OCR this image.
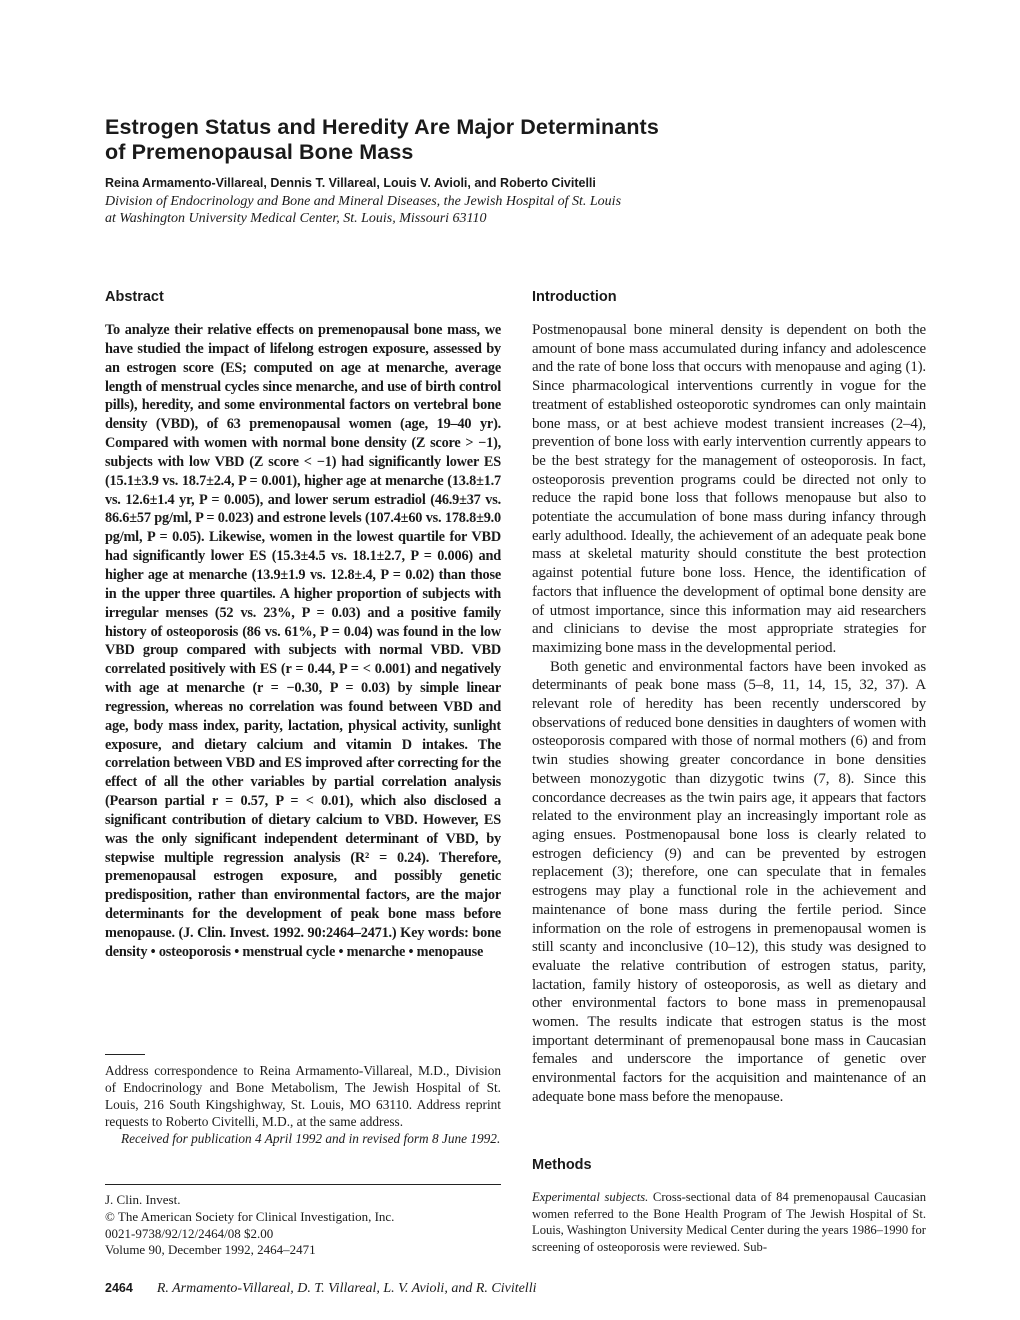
Estrogen Status and Heredity Are Major Determinants
of Premenopausal Bone Mass
Reina Armamento-Villareal, Dennis T. Villareal, Louis V. Avioli, and Roberto Civitelli
Division of Endocrinology and Bone and Mineral Diseases, the Jewish Hospital of St. Louis
at Washington University Medical Center, St. Louis, Missouri 63110
Abstract

To analyze their relative effects on premenopausal bone mass, we have studied the impact of lifelong estrogen exposure, assessed by an estrogen score (ES; computed on age at menarche, average length of menstrual cycles since menarche, and use of birth control pills), heredity, and some environmental factors on vertebral bone density (VBD), of 63 premenopausal women (age, 19–40 yr). Compared with women with normal bone density (Z score > −1), subjects with low VBD (Z score < −1) had significantly lower ES (15.1±3.9 vs. 18.7±2.4, P = 0.001), higher age at menarche (13.8±1.7 vs. 12.6±1.4 yr, P = 0.005), and lower serum estradiol (46.9±37 vs. 86.6±57 pg/ml, P = 0.023) and estrone levels (107.4±60 vs. 178.8±9.0 pg/ml, P = 0.05). Likewise, women in the lowest quartile for VBD had significantly lower ES (15.3±4.5 vs. 18.1±2.7, P = 0.006) and higher age at menarche (13.9±1.9 vs. 12.8±.4, P = 0.02) than those in the upper three quartiles. A higher proportion of subjects with irregular menses (52 vs. 23%, P = 0.03) and a positive family history of osteoporosis (86 vs. 61%, P = 0.04) was found in the low VBD group compared with subjects with normal VBD. VBD correlated positively with ES (r = 0.44, P = < 0.001) and negatively with age at menarche (r = −0.30, P = 0.03) by simple linear regression, whereas no correlation was found between VBD and age, body mass index, parity, lactation, physical activity, sunlight exposure, and dietary calcium and vitamin D intakes. The correlation between VBD and ES improved after correcting for the effect of all the other variables by partial correlation analysis (Pearson partial r = 0.57, P = < 0.01), which also disclosed a significant contribution of dietary calcium to VBD. However, ES was the only significant independent determinant of VBD, by stepwise multiple regression analysis (R² = 0.24). Therefore, premenopausal estrogen exposure, and possibly genetic predisposition, rather than environmental factors, are the major determinants for the development of peak bone mass before menopause. (J. Clin. Invest. 1992. 90:2464–2471.) Key words: bone density • osteoporosis • menstrual cycle • menarche • menopause

Address correspondence to Reina Armamento-Villareal, M.D., Division of Endocrinology and Bone Metabolism, The Jewish Hospital of St. Louis, 216 South Kingshighway, St. Louis, MO 63110. Address reprint requests to Roberto Civitelli, M.D., at the same address.

Received for publication 4 April 1992 and in revised form 8 June 1992.

J. Clin. Invest.
© The American Society for Clinical Investigation, Inc.
0021-9738/92/12/2464/08 $2.00
Volume 90, December 1992, 2464–2471
Introduction

Postmenopausal bone mineral density is dependent on both the amount of bone mass accumulated during infancy and adolescence and the rate of bone loss that occurs with menopause and aging (1). Since pharmacological interventions currently in vogue for the treatment of established osteoporotic syndromes can only maintain bone mass, or at best achieve modest transient increases (2–4), prevention of bone loss with early intervention currently appears to be the best strategy for the management of osteoporosis. In fact, osteoporosis prevention programs could be directed not only to reduce the rapid bone loss that follows menopause but also to potentiate the accumulation of bone mass during infancy through early adulthood. Ideally, the achievement of an adequate peak bone mass at skeletal maturity should constitute the best protection against potential future bone loss. Hence, the identification of factors that influence the development of optimal bone density are of utmost importance, since this information may aid researchers and clinicians to devise the most appropriate strategies for maximizing bone mass in the developmental period.

Both genetic and environmental factors have been invoked as determinants of peak bone mass (5–8, 11, 14, 15, 32, 37). A relevant role of heredity has been recently underscored by observations of reduced bone densities in daughters of women with osteoporosis compared with those of normal mothers (6) and from twin studies showing greater concordance in bone densities between monozygotic than dizygotic twins (7, 8). Since this concordance decreases as the twin pairs age, it appears that factors related to the environment play an increasingly important role as aging ensues. Postmenopausal bone loss is clearly related to estrogen deficiency (9) and can be prevented by estrogen replacement (3); therefore, one can speculate that in females estrogens may play a functional role in the achievement and maintenance of bone mass during the fertile period. Since information on the role of estrogens in premenopausal women is still scanty and inconclusive (10–12), this study was designed to evaluate the relative contribution of estrogen status, parity, lactation, family history of osteoporosis, as well as dietary and other environmental factors to bone mass in premenopausal women. The results indicate that estrogen status is the most important determinant of premenopausal bone mass in Caucasian females and underscore the importance of genetic over environmental factors for the acquisition and maintenance of an adequate bone mass before the menopause.

Methods

Experimental subjects. Cross-sectional data of 84 premenopausal Caucasian women referred to the Bone Health Program of The Jewish Hospital of St. Louis, Washington University Medical Center during the years 1986–1990 for screening of osteoporosis were reviewed. Sub-

2464 R. Armamento-Villareal, D. T. Villareal, L. V. Avioli, and R. Civitelli
